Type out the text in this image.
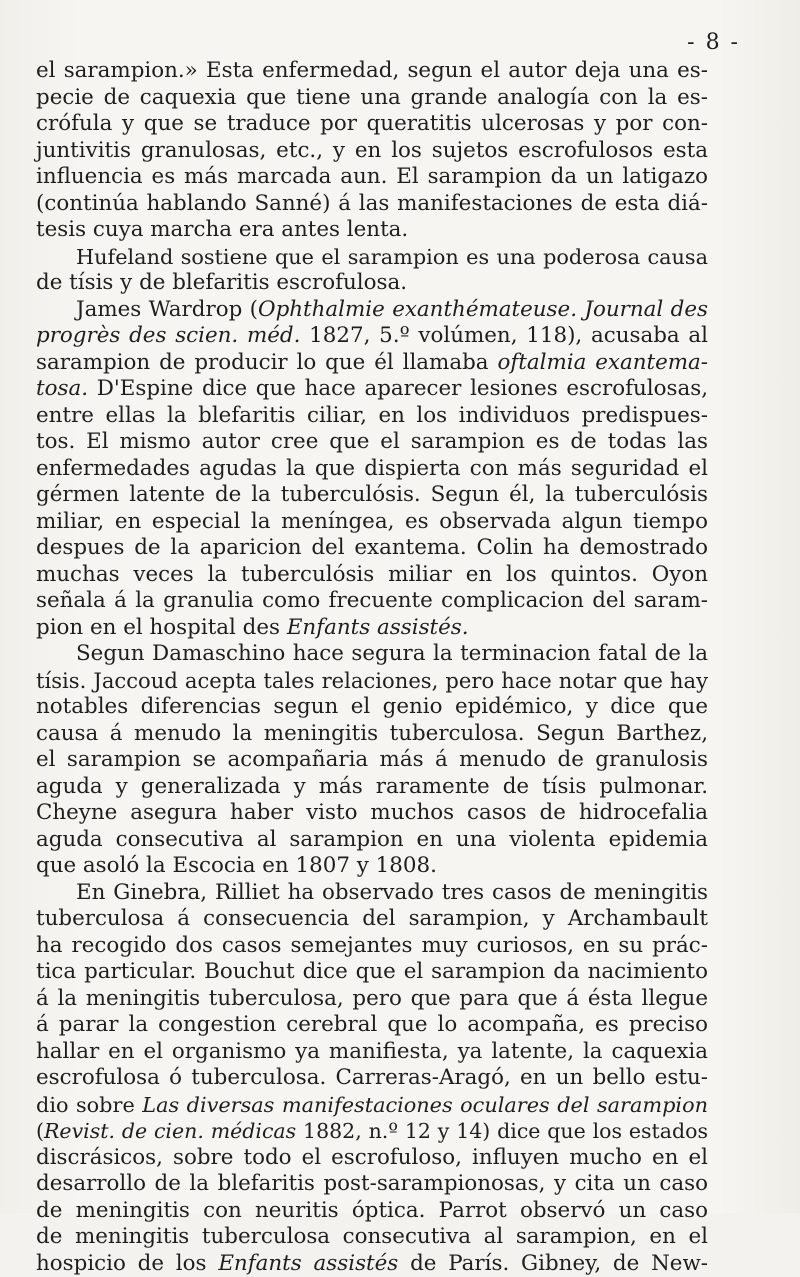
- 8 -
el sarampion.» Esta enfermedad, segun el autor deja una es-
pecie de caquexia que tiene una grande analogía con la es-
crófula y que se traduce por queratitis ulcerosas y por con-
juntivitis granulosas, etc., y en los sujetos escrofulosos esta
influencia es más marcada aun. El sarampion da un latigazo
(continúa hablando Sanné) á las manifestaciones de esta diá-
tesis cuya marcha era antes lenta.
Hufeland sostiene que el sarampion es una poderosa causa
de tísis y de blefaritis escrofulosa.
James Wardrop (Ophthalmie exanthémateuse. Journal des
progrès des scien. méd. 1827, 5.º volúmen, 118), acusaba al
sarampion de producir lo que él llamaba oftalmia exantema-
tosa. D'Espine dice que hace aparecer lesiones escrofulosas,
entre ellas la blefaritis ciliar, en los individuos predispues-
tos. El mismo autor cree que el sarampion es de todas las
enfermedades agudas la que dispierta con más seguridad el
gérmen latente de la tuberculósis. Segun él, la tuberculósis
miliar, en especial la meníngea, es observada algun tiempo
despues de la aparicion del exantema. Colin ha demostrado
muchas veces la tuberculósis miliar en los quintos. Oyon
señala á la granulia como frecuente complicacion del saram-
pion en el hospital des Enfants assistés.
Segun Damaschino hace segura la terminacion fatal de la
tísis. Jaccoud acepta tales relaciones, pero hace notar que hay
notables diferencias segun el genio epidémico, y dice que
causa á menudo la meningitis tuberculosa. Segun Barthez,
el sarampion se acompañaria más á menudo de granulosis
aguda y generalizada y más raramente de tísis pulmonar.
Cheyne asegura haber visto muchos casos de hidrocefalia
aguda consecutiva al sarampion en una violenta epidemia
que asoló la Escocia en 1807 y 1808.
En Ginebra, Rilliet ha observado tres casos de meningitis
tuberculosa á consecuencia del sarampion, y Archambault
ha recogido dos casos semejantes muy curiosos, en su prác-
tica particular. Bouchut dice que el sarampion da nacimiento
á la meningitis tuberculosa, pero que para que á ésta llegue
á parar la congestion cerebral que lo acompaña, es preciso
hallar en el organismo ya manifiesta, ya latente, la caquexia
escrofulosa ó tuberculosa. Carreras-Aragó, en un bello estu-
dio sobre Las diversas manifestaciones oculares del sarampion
(Revist. de cien. médicas 1882, n.º 12 y 14) dice que los estados
discrásicos, sobre todo el escrofuloso, influyen mucho en el
desarrollo de la blefaritis post-sarampionosas, y cita un caso
de meningitis con neuritis óptica. Parrot observó un caso
de meningitis tuberculosa consecutiva al sarampion, en el
hospicio de los Enfants assistés de París. Gibney, de New-
